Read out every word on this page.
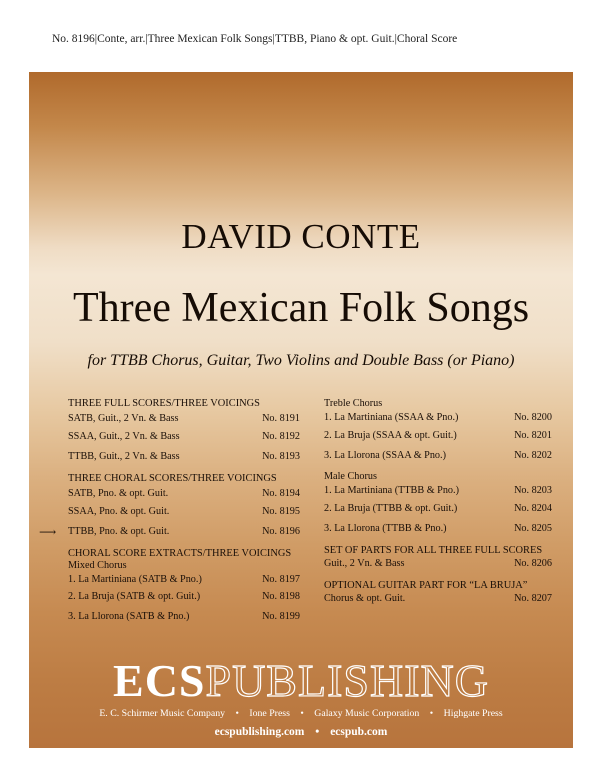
No. 8196|Conte, arr.|Three Mexican Folk Songs|TTBB, Piano & opt. Guit.|Choral Score
DAVID CONTE
Three Mexican Folk Songs
for TTBB Chorus, Guitar, Two Violins and Double Bass (or Piano)
THREE FULL SCORES/THREE VOICINGS
SATB, Guit., 2 Vn. & Bass	No. 8191
SSAA, Guit., 2 Vn. & Bass	No. 8192
TTBB, Guit., 2 Vn. & Bass	No. 8193
THREE CHORAL SCORES/THREE VOICINGS
SATB, Pno. & opt. Guit.	No. 8194
SSAA, Pno. & opt. Guit.	No. 8195
⟶ TTBB, Pno. & opt. Guit.	No. 8196
CHORAL SCORE EXTRACTS/THREE VOICINGS
Mixed Chorus
1. La Martiniana (SATB & Pno.)	No. 8197
2. La Bruja (SATB & opt. Guit.)	No. 8198
3. La Llorona (SATB & Pno.)	No. 8199
Treble Chorus
1. La Martiniana (SSAA & Pno.)	No. 8200
2. La Bruja (SSAA & opt. Guit.)	No. 8201
3. La Llorona (SSAA & Pno.)	No. 8202
Male Chorus
1. La Martiniana (TTBB & Pno.)	No. 8203
2. La Bruja (TTBB & opt. Guit.)	No. 8204
3. La Llorona (TTBB & Pno.)	No. 8205
SET OF PARTS FOR ALL THREE FULL SCORES
Guit., 2 Vn. & Bass	No. 8206
OPTIONAL GUITAR PART FOR “LA BRUJA”
Chorus & opt. Guit.	No. 8207
ECSPUBLISHING
E. C. Schirmer Music Company • Ione Press • Galaxy Music Corporation • Highgate Press
ecspublishing.com • ecspub.com
